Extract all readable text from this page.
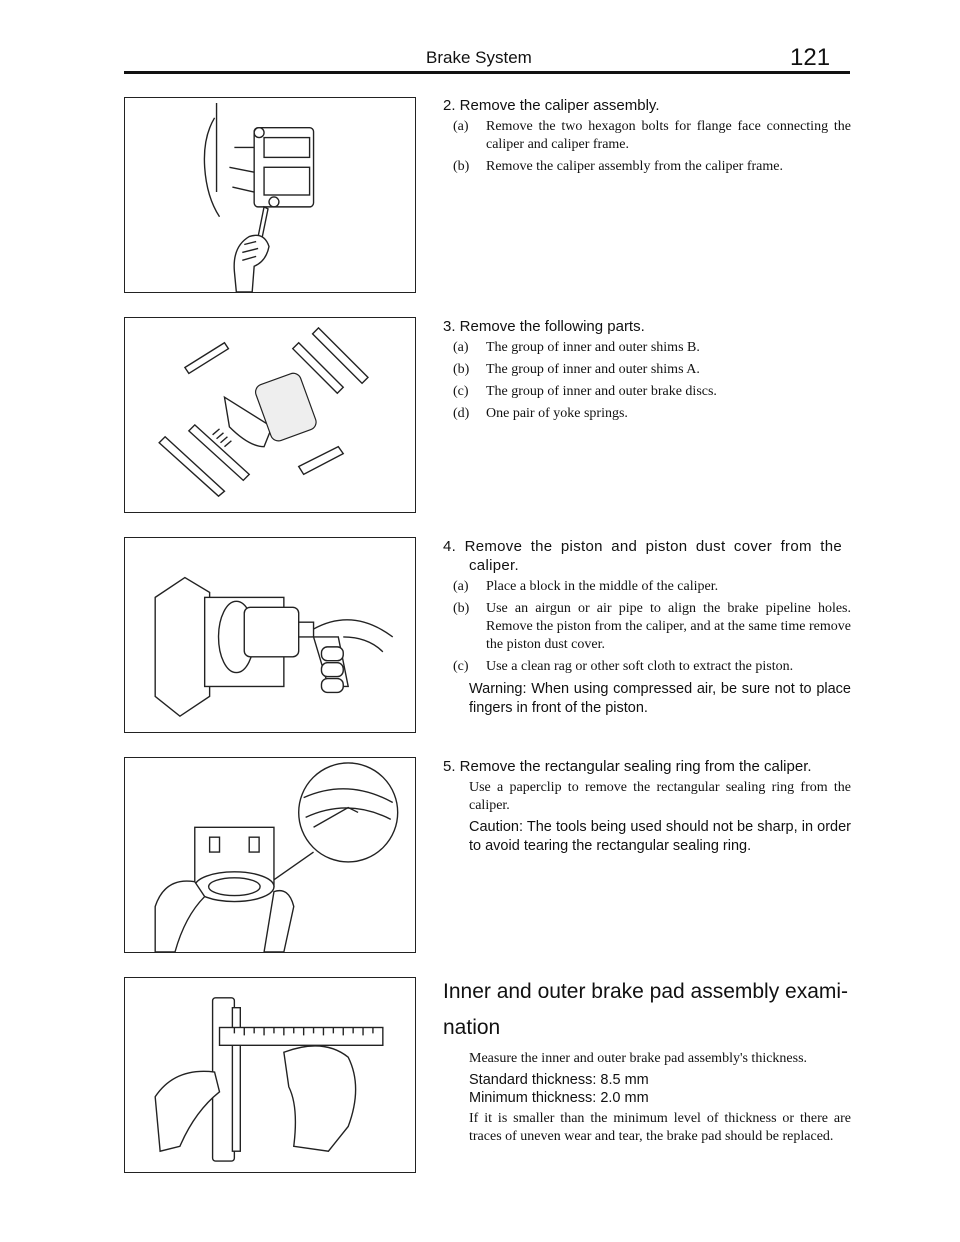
Brake System	121

2. Remove the caliper assembly.

(a)	Remove the two hexagon bolts for flange face connecting the caliper and caliper frame.
(b)	Remove the caliper assembly from the caliper frame.

3. Remove the following parts.

(a)	The group of inner and outer shims B.
(b)	The group of inner and outer shims A.
(c)	The group of inner and outer brake discs.
(d)	One pair of yoke springs.

4. Remove the piston and piston dust cover from the caliper.

(a)	Place a block in the middle of the caliper.
(b)	Use an airgun or air pipe to align the brake pipeline holes. Remove the piston from the caliper, and at the same time remove the piston dust cover.
(c)	Use a clean rag or other soft cloth to extract the piston.

Warning: When using compressed air, be sure not to place fingers in front of the piston.

5. Remove the rectangular sealing ring from the caliper.

Use a paperclip to remove the rectangular sealing ring from the caliper.

Caution: The tools being used should not be sharp, in order to avoid tearing the rectangular sealing ring.

Inner and outer brake pad assembly exami-nation

Measure the inner and outer brake pad assembly's thickness.

Standard thickness: 8.5 mm

Minimum thickness: 2.0 mm

If it is smaller than the minimum level of thickness or there are traces of uneven wear and tear, the brake pad should be replaced.
